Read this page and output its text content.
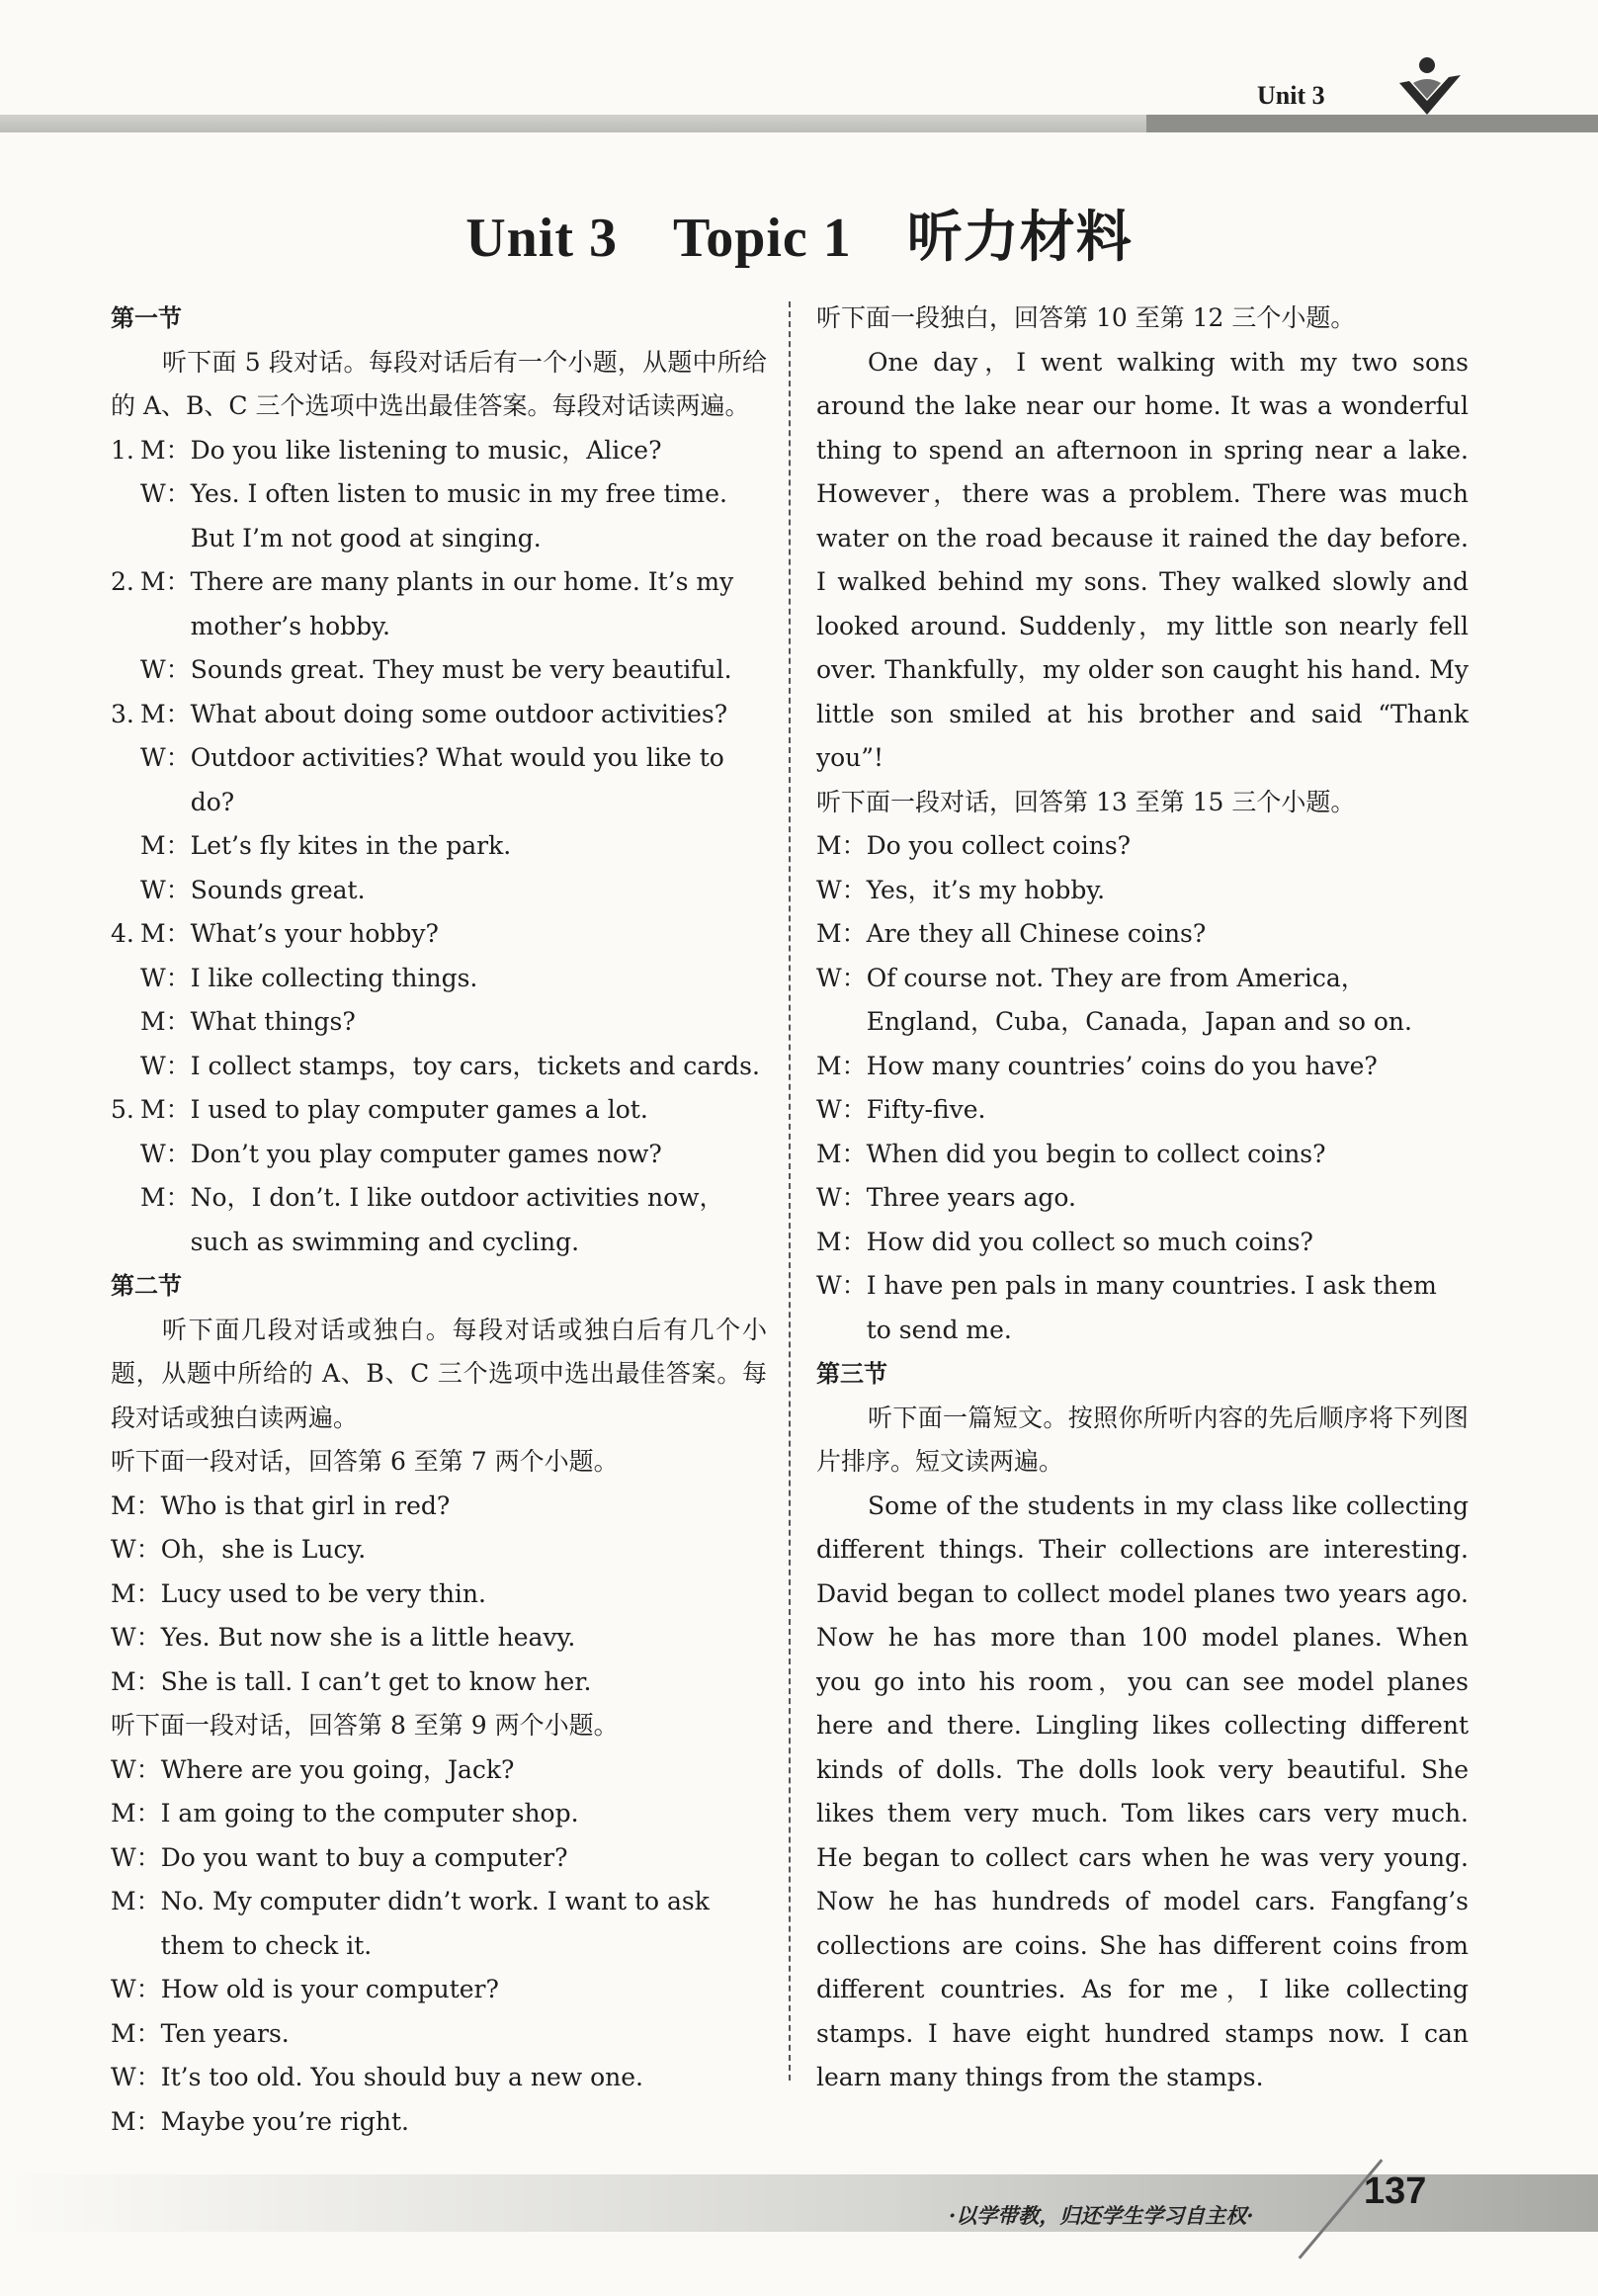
Unit 3
Unit 3 Topic 1 听力材料
第一节
听下面 5 段对话。每段对话后有一个小题，从题中所给的 A、B、C 三个选项中选出最佳答案。每段对话读两遍。
1. M： Do you like listening to music，Alice?
W： Yes. I often listen to music in my free time. But I’m not good at singing.
2. M： There are many plants in our home. It’s my mother’s hobby.
W： Sounds great. They must be very beautiful.
3. M： What about doing some outdoor activities?
W： Outdoor activities? What would you like to do?
M： Let’s fly kites in the park.
W： Sounds great.
4. M： What’s your hobby?
W： I like collecting things.
M： What things?
W： I collect stamps，toy cars，tickets and cards.
5. M： I used to play computer games a lot.
W： Don’t you play computer games now?
M： No，I don’t. I like outdoor activities now，such as swimming and cycling.
第二节
听下面几段对话或独白。每段对话或独白后有几个小题，从题中所给的 A、B、C 三个选项中选出最佳答案。每段对话或独白读两遍。
听下面一段对话，回答第 6 至第 7 两个小题。
M： Who is that girl in red?
W： Oh，she is Lucy.
M： Lucy used to be very thin.
W： Yes. But now she is a little heavy.
M： She is tall. I can’t get to know her.
听下面一段对话，回答第 8 至第 9 两个小题。
W： Where are you going，Jack?
M： I am going to the computer shop.
W： Do you want to buy a computer?
M： No. My computer didn’t work. I want to ask them to check it.
W： How old is your computer?
M： Ten years.
W： It’s too old. You should buy a new one.
M： Maybe you’re right.
听下面一段独白，回答第 10 至第 12 三个小题。
One day，I went walking with my two sons around the lake near our home. It was a wonderful thing to spend an afternoon in spring near a lake. However，there was a problem. There was much water on the road because it rained the day before. I walked behind my sons. They walked slowly and looked around. Suddenly，my little son nearly fell over. Thankfully，my older son caught his hand. My little son smiled at his brother and said “Thank you”!
听下面一段对话，回答第 13 至第 15 三个小题。
M： Do you collect coins?
W： Yes，it’s my hobby.
M： Are they all Chinese coins?
W： Of course not. They are from America，England，Cuba，Canada，Japan and so on.
M： How many countries’ coins do you have?
W： Fifty-five.
M： When did you begin to collect coins?
W： Three years ago.
M： How did you collect so much coins?
W： I have pen pals in many countries. I ask them to send me.
第三节
听下面一篇短文。按照你所听内容的先后顺序将下列图片排序。短文读两遍。
Some of the students in my class like collecting different things. Their collections are interesting. David began to collect model planes two years ago. Now he has more than 100 model planes. When you go into his room，you can see model planes here and there. Lingling likes collecting different kinds of dolls. The dolls look very beautiful. She likes them very much. Tom likes cars very much. He began to collect cars when he was very young. Now he has hundreds of model cars. Fangfang’s collections are coins. She has different coins from different countries. As for me，I like collecting stamps. I have eight hundred stamps now. I can learn many things from the stamps.
·以学带教，归还学生学习自主权·
137
